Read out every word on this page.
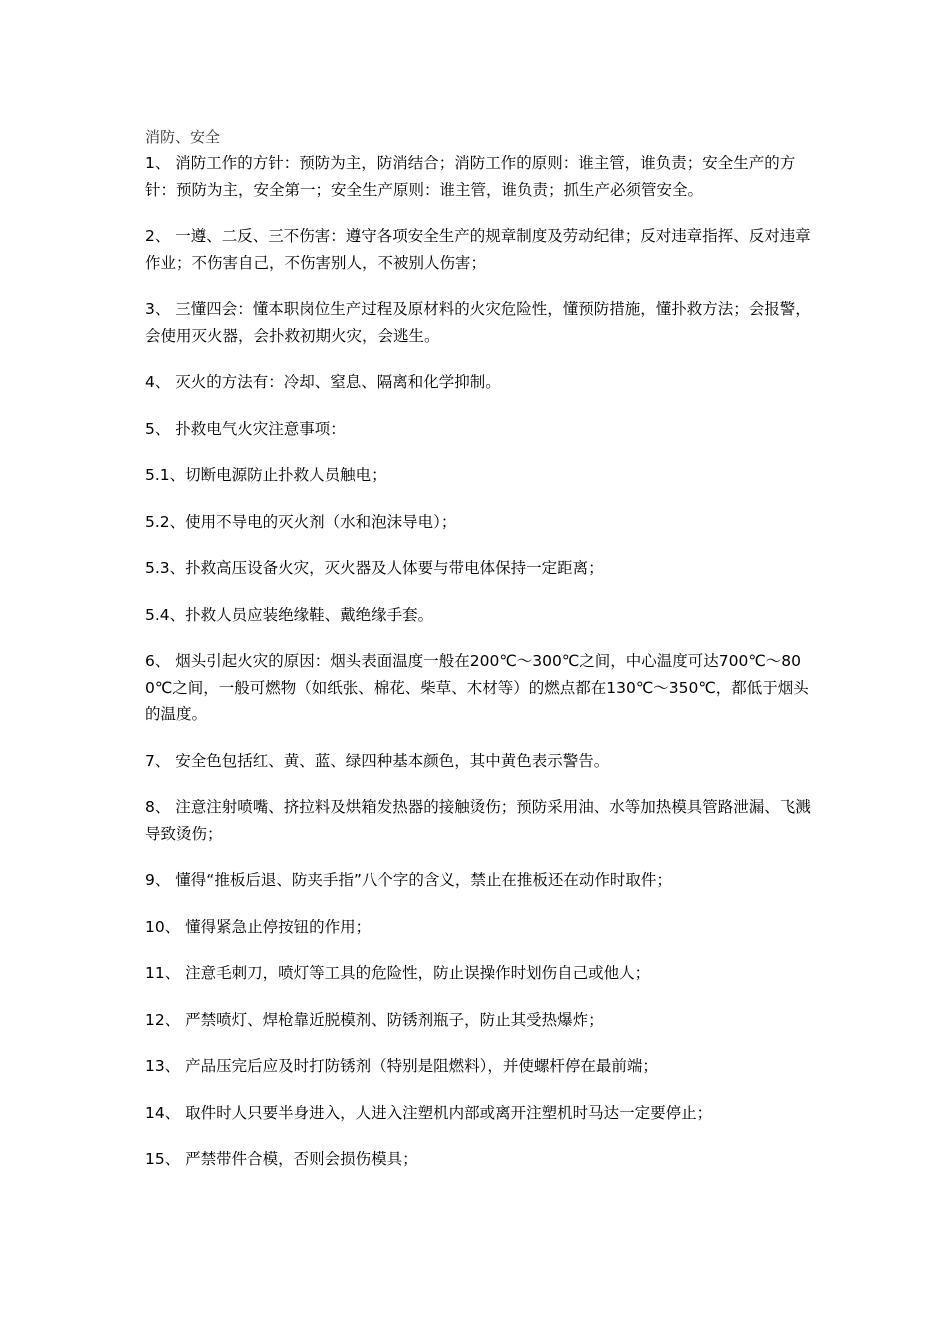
消防、安全

1、 消防工作的方针：预防为主，防消结合；消防工作的原则：谁主管，谁负责；安全生产的方针：预防为主，安全第一；安全生产原则：谁主管，谁负责；抓生产必须管安全。

2、 一遵、二反、三不伤害：遵守各项安全生产的规章制度及劳动纪律；反对违章指挥、反对违章作业；不伤害自己，不伤害别人，不被别人伤害；

3、 三懂四会：懂本职岗位生产过程及原材料的火灾危险性，懂预防措施，懂扑救方法；会报警，会使用灭火器，会扑救初期火灾，会逃生。

4、 灭火的方法有：冷却、窒息、隔离和化学抑制。

5、 扑救电气火灾注意事项：

5.1、切断电源防止扑救人员触电；

5.2、使用不导电的灭火剂（水和泡沫导电）；

5.3、扑救高压设备火灾，灭火器及人体要与带电体保持一定距离；

5.4、扑救人员应装绝缘鞋、戴绝缘手套。

6、 烟头引起火灾的原因：烟头表面温度一般在200℃～300℃之间，中心温度可达700℃～800℃之间，一般可燃物（如纸张、棉花、柴草、木材等）的燃点都在130℃～350℃，都低于烟头的温度。

7、 安全色包括红、黄、蓝、绿四种基本颜色，其中黄色表示警告。

8、 注意注射喷嘴、挤拉料及烘箱发热器的接触烫伤；预防采用油、水等加热模具管路泄漏、飞溅导致烫伤；

9、 懂得“推板后退、防夹手指”八个字的含义，禁止在推板还在动作时取件；

10、 懂得紧急止停按钮的作用；

11、 注意毛刺刀，喷灯等工具的危险性，防止误操作时划伤自己或他人；

12、 严禁喷灯、焊枪靠近脱模剂、防锈剂瓶子，防止其受热爆炸；

13、 产品压完后应及时打防锈剂（特别是阻燃料），并使螺杆停在最前端；

14、 取件时人只要半身进入，人进入注塑机内部或离开注塑机时马达一定要停止；

15、 严禁带件合模，否则会损伤模具；
